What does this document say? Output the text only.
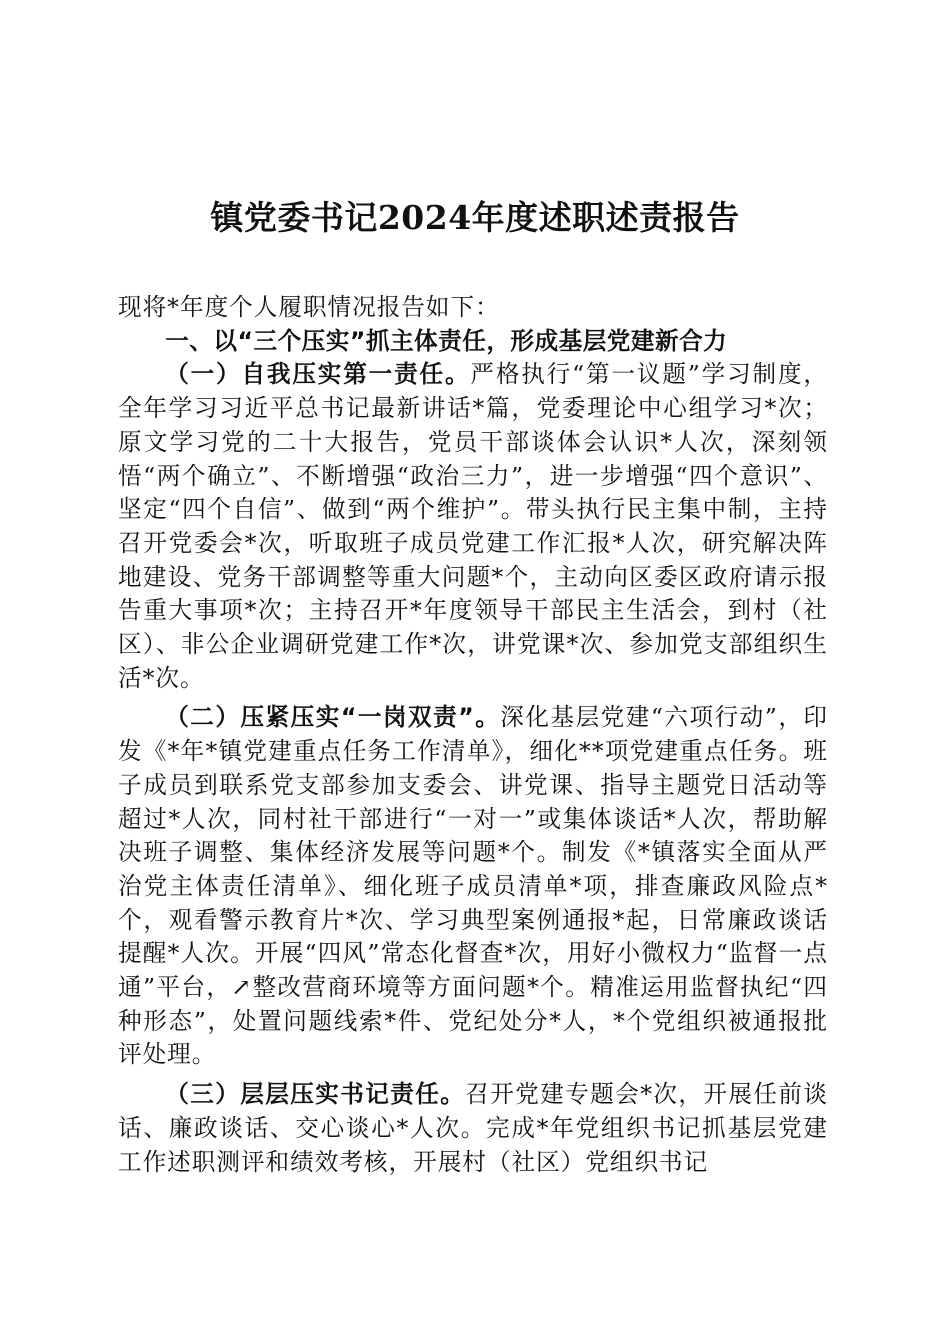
镇党委书记2024年度述职述责报告

现将*年度个人履职情况报告如下：

一、以“三个压实”抓主体责任，形成基层党建新合力

（一）自我压实第一责任。严格执行“第一议题”学习制度，全年学习习近平总书记最新讲话*篇，党委理论中心组学习*次；原文学习党的二十大报告，党员干部谈体会认识*人次，深刻领悟“两个确立”、不断增强“政治三力”，进一步增强“四个意识”、坚定“四个自信”、做到“两个维护”。带头执行民主集中制，主持召开党委会*次，听取班子成员党建工作汇报*人次，研究解决阵地建设、党务干部调整等重大问题*个，主动向区委区政府请示报告重大事项*次；主持召开*年度领导干部民主生活会，到村（社区）、非公企业调研党建工作*次，讲党课*次、参加党支部组织生活*次。

（二）压紧压实“一岗双责”。深化基层党建“六项行动”，印发《*年*镇党建重点任务工作清单》，细化**项党建重点任务。班子成员到联系党支部参加支委会、讲党课、指导主题党日活动等超过*人次，同村社干部进行“一对一”或集体谈话*人次，帮助解决班子调整、集体经济发展等问题*个。制发《*镇落实全面从严治党主体责任清单》、细化班子成员清单*项，排查廉政风险点*个，观看警示教育片*次、学习典型案例通报*起，日常廉政谈话提醒*人次。开展“四风”常态化督查*次，用好小微权力“监督一点通”平台，↗整改营商环境等方面问题*个。精准运用监督执纪“四种形态”，处置问题线索*件、党纪处分*人，*个党组织被通报批评处理。

（三）层层压实书记责任。召开党建专题会*次，开展任前谈话、廉政谈话、交心谈心*人次。完成*年党组织书记抓基层党建工作述职测评和绩效考核，开展村（社区）党组织书记
